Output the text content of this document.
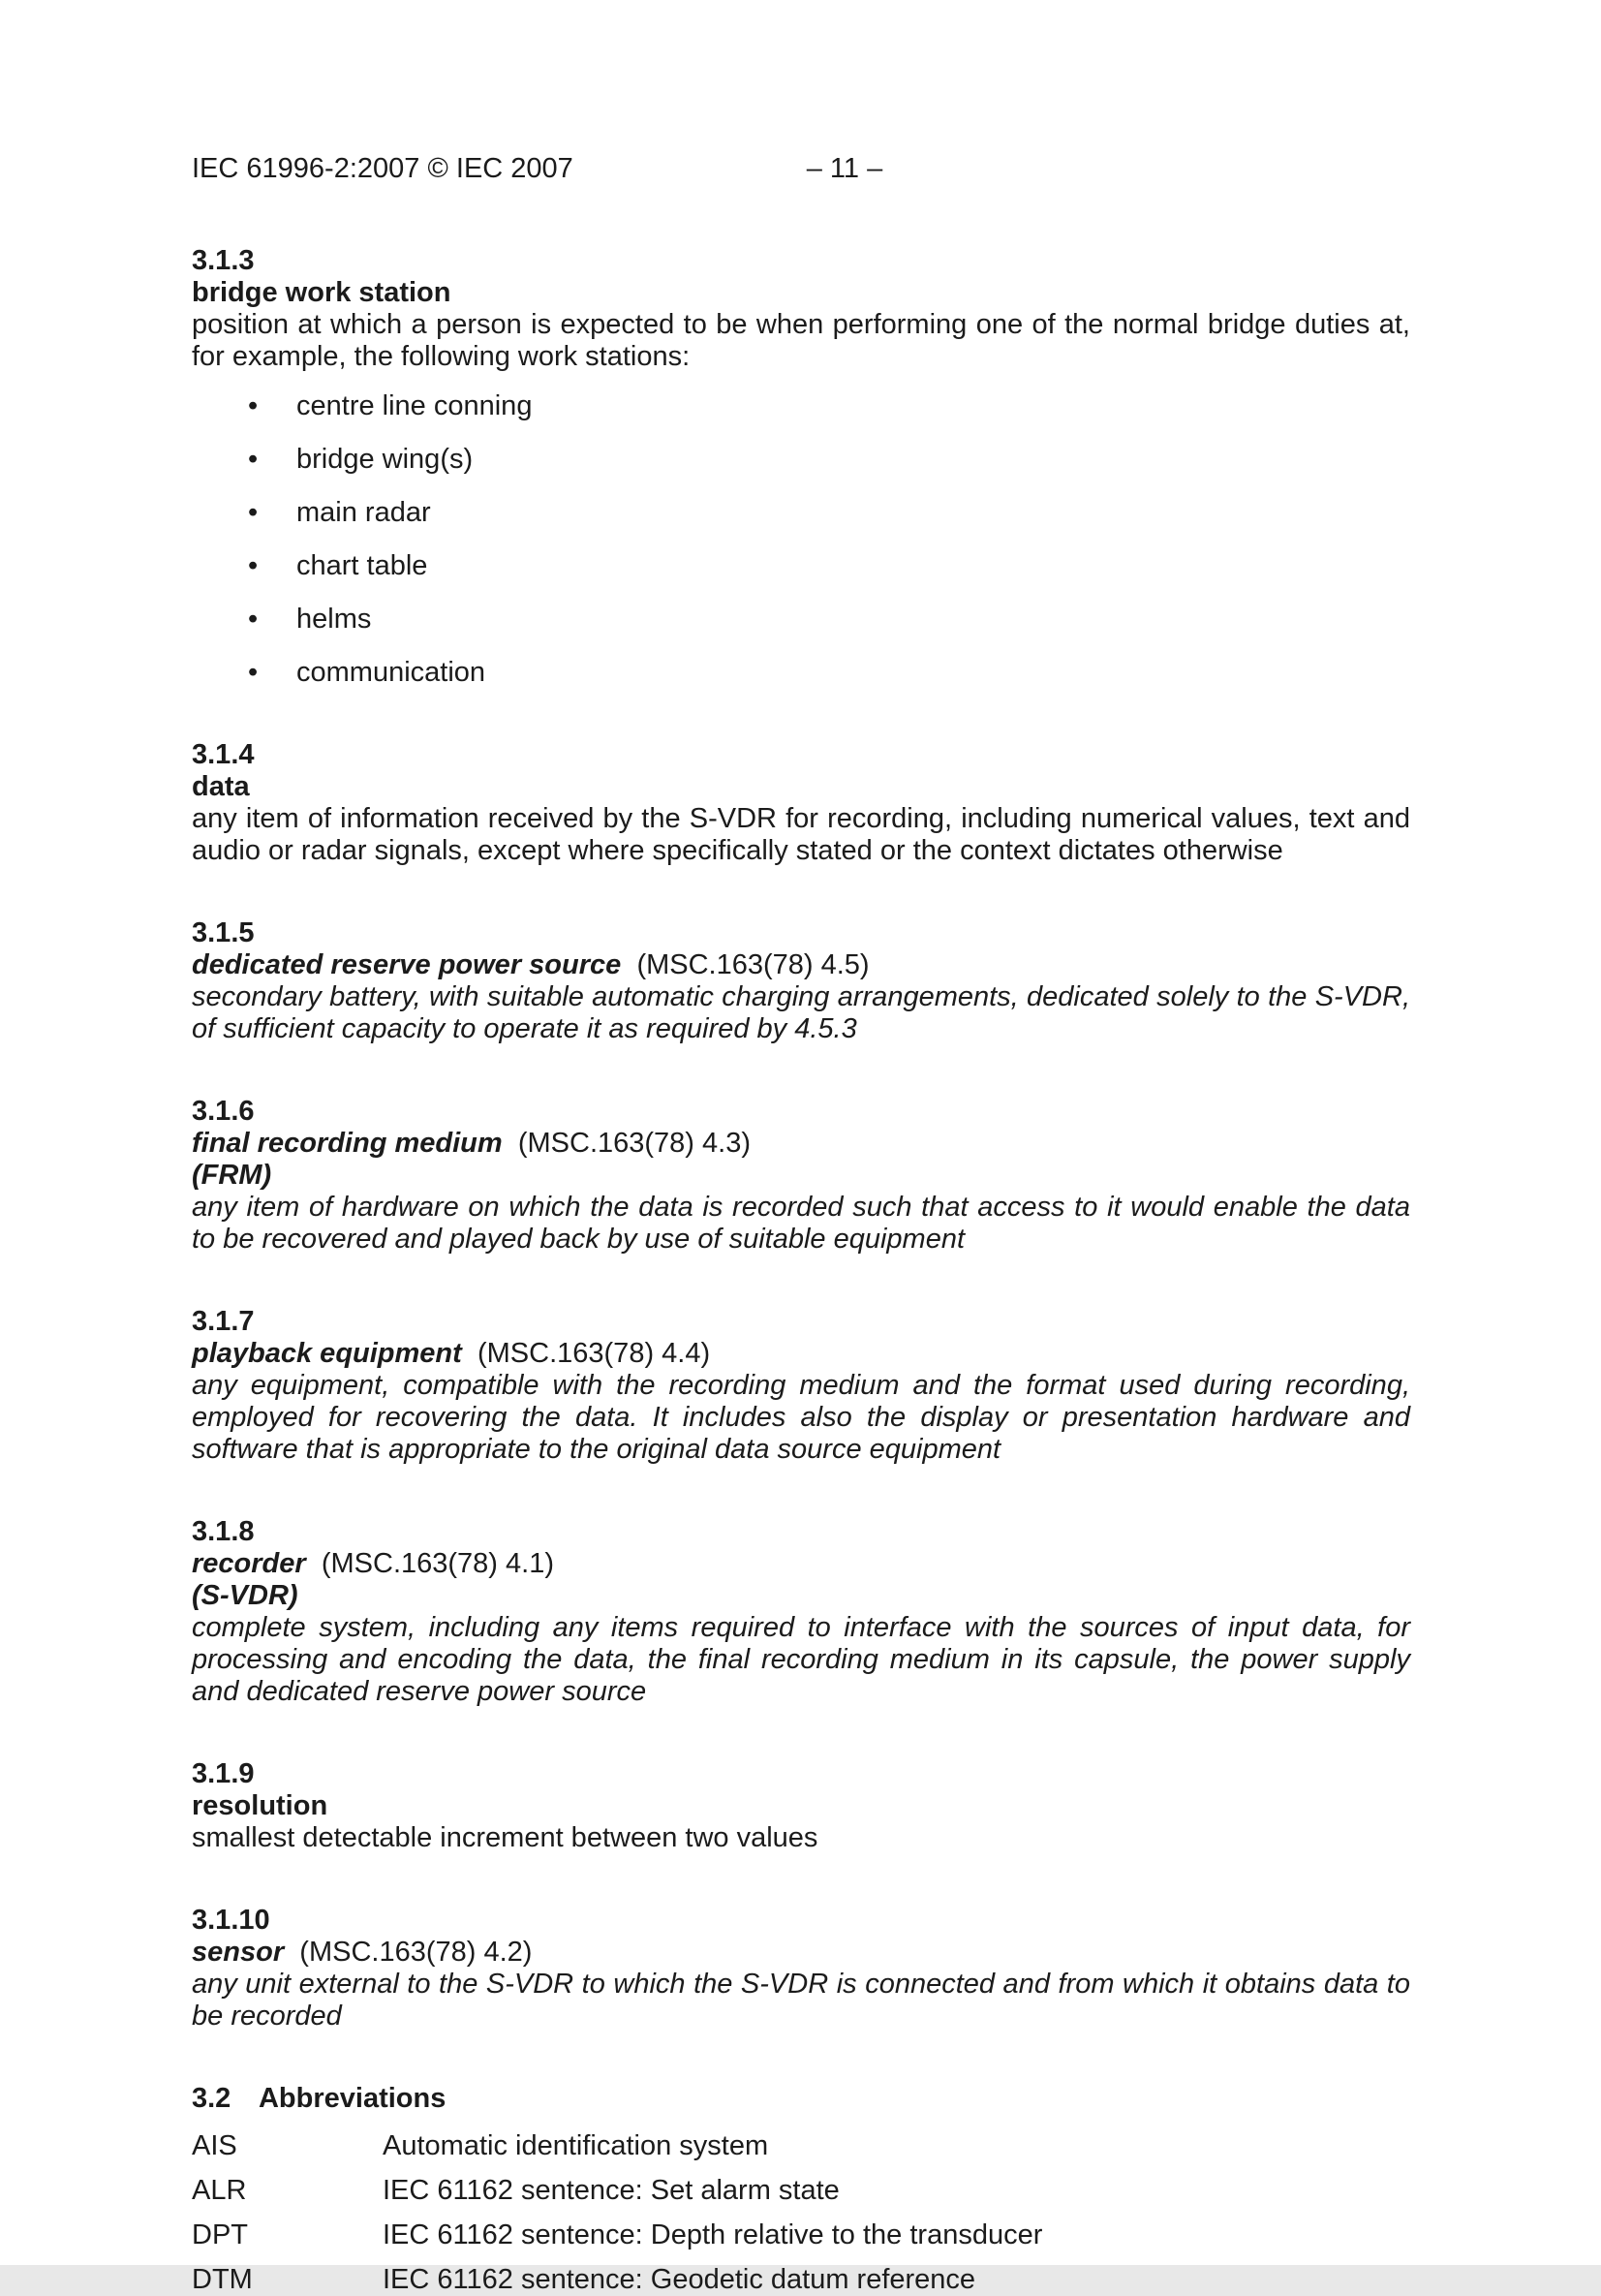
IEC 61996-2:2007 © IEC 2007	– 11 –
3.1.3
bridge work station
position at which a person is expected to be when performing one of the normal bridge duties at, for example, the following work stations:
•	centre line conning
•	bridge wing(s)
•	main radar
•	chart table
•	helms
•	communication
3.1.4
data
any item of information received by the S-VDR for recording, including numerical values, text and audio or radar signals, except where specifically stated or the context dictates otherwise
3.1.5
dedicated reserve power source (MSC.163(78) 4.5)
secondary battery, with suitable automatic charging arrangements, dedicated solely to the S-VDR, of sufficient capacity to operate it as required by 4.5.3
3.1.6
final recording medium (MSC.163(78) 4.3)
(FRM)
any item of hardware on which the data is recorded such that access to it would enable the data to be recovered and played back by use of suitable equipment
3.1.7
playback equipment (MSC.163(78) 4.4)
any equipment, compatible with the recording medium and the format used during recording, employed for recovering the data. It includes also the display or presentation hardware and software that is appropriate to the original data source equipment
3.1.8
recorder (MSC.163(78) 4.1)
(S-VDR)
complete system, including any items required to interface with the sources of input data, for processing and encoding the data, the final recording medium in its capsule, the power supply and dedicated reserve power source
3.1.9
resolution
smallest detectable increment between two values
3.1.10
sensor (MSC.163(78) 4.2)
any unit external to the S-VDR to which the S-VDR is connected and from which it obtains data to be recorded
3.2 Abbreviations
AIS	Automatic identification system
ALR	IEC 61162 sentence: Set alarm state
DPT	IEC 61162 sentence: Depth relative to the transducer
DTM	IEC 61162 sentence: Geodetic datum reference
